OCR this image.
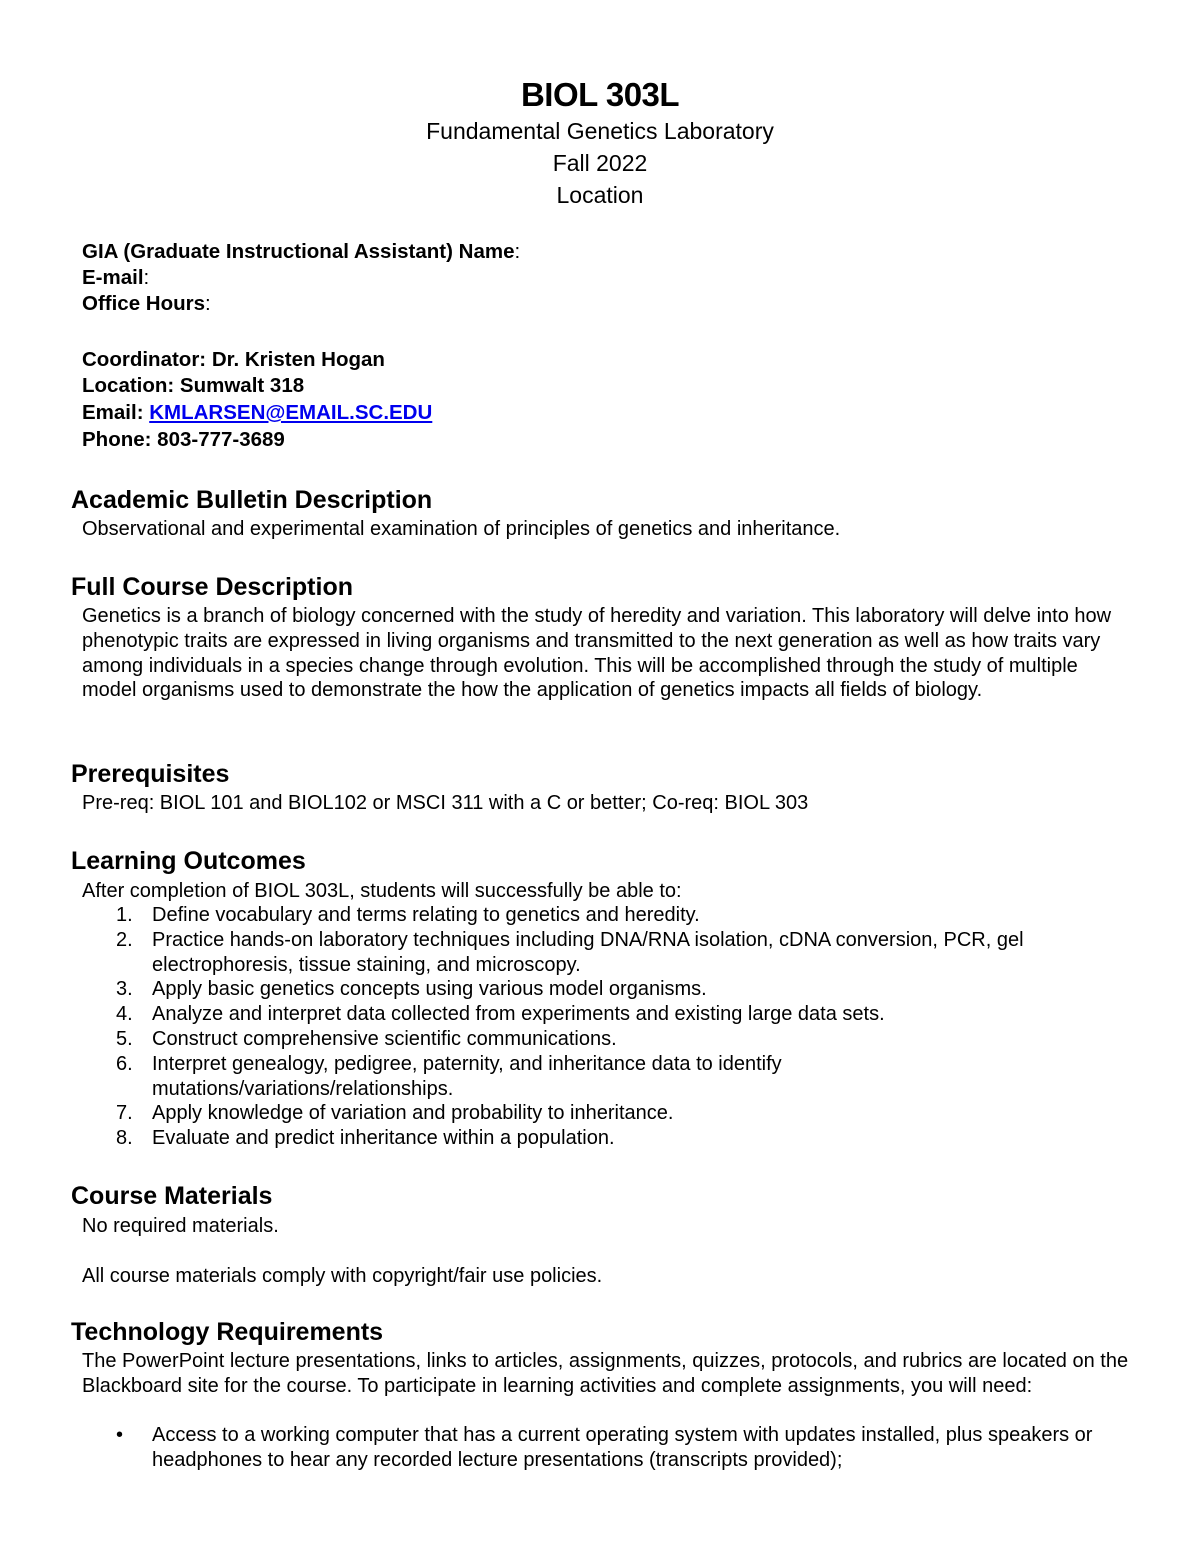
BIOL 303L
Fundamental Genetics Laboratory
Fall 2022
Location
GIA (Graduate Instructional Assistant) Name:
E-mail:
Office Hours:
Coordinator: Dr. Kristen Hogan
Location: Sumwalt 318
Email: KMLARSEN@EMAIL.SC.EDU
Phone: 803-777-3689
Academic Bulletin Description
Observational and experimental examination of principles of genetics and inheritance.
Full Course Description
Genetics is a branch of biology concerned with the study of heredity and variation. This laboratory will delve into how phenotypic traits are expressed in living organisms and transmitted to the next generation as well as how traits vary among individuals in a species change through evolution. This will be accomplished through the study of multiple model organisms used to demonstrate the how the application of genetics impacts all fields of biology.
Prerequisites
Pre-req: BIOL 101 and BIOL102 or MSCI 311 with a C or better; Co-req: BIOL 303
Learning Outcomes
After completion of BIOL 303L, students will successfully be able to:
1. Define vocabulary and terms relating to genetics and heredity.
2. Practice hands-on laboratory techniques including DNA/RNA isolation, cDNA conversion, PCR, gel electrophoresis, tissue staining, and microscopy.
3. Apply basic genetics concepts using various model organisms.
4. Analyze and interpret data collected from experiments and existing large data sets.
5. Construct comprehensive scientific communications.
6. Interpret genealogy, pedigree, paternity, and inheritance data to identify mutations/variations/relationships.
7. Apply knowledge of variation and probability to inheritance.
8. Evaluate and predict inheritance within a population.
Course Materials
No required materials.
All course materials comply with copyright/fair use policies.
Technology Requirements
The PowerPoint lecture presentations, links to articles, assignments, quizzes, protocols, and rubrics are located on the Blackboard site for the course. To participate in learning activities and complete assignments, you will need:
• Access to a working computer that has a current operating system with updates installed, plus speakers or headphones to hear any recorded lecture presentations (transcripts provided);
